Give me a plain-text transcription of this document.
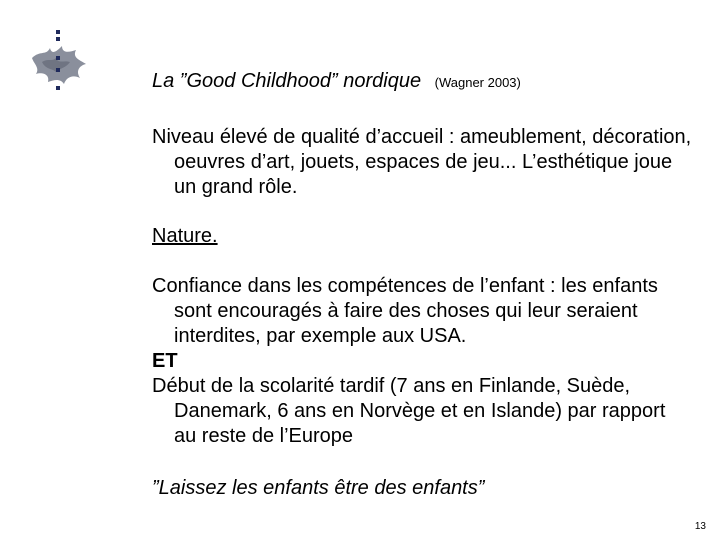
La ”Good Childhood” nordique (Wagner 2003)

Niveau élevé de qualité d’accueil : ameublement, décoration, oeuvres d’art, jouets, espaces de jeu... L’esthétique joue un grand rôle.

Nature.

Confiance dans les compétences de l’enfant : les enfants sont encouragés à faire des choses qui leur seraient interdites, par exemple aux USA.

ET

Début de la scolarité tardif (7 ans en Finlande, Suède, Danemark, 6 ans en Norvège et en Islande) par rapport au reste de l’Europe

”Laissez les enfants être des enfants”

13
